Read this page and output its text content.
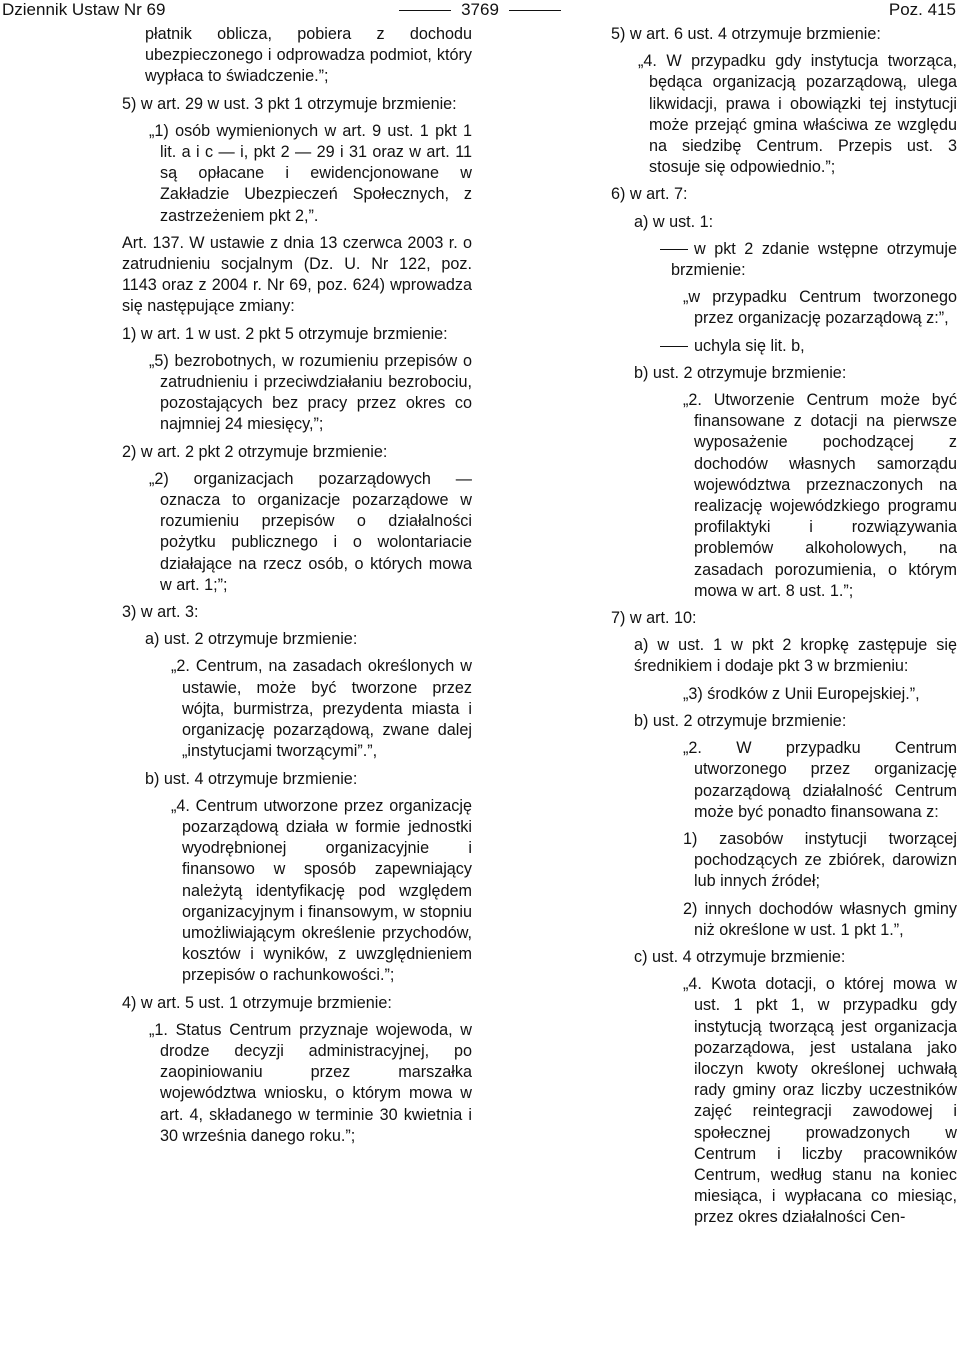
Dziennik Ustaw Nr 69	3769	Poz. 415

płatnik oblicza, pobiera z dochodu ubezpieczonego i odprowadza podmiot, który wypłaca to świadczenie.”;

5) w art. 29 w ust. 3 pkt 1 otrzymuje brzmienie:

„1) osób wymienionych w art. 9 ust. 1 pkt 1 lit. a i c — i, pkt 2 — 29 i 31 oraz w art. 11 są opłacane i ewidencjonowane w Zakładzie Ubezpieczeń Społecznych, z zastrzeżeniem pkt 2,”.

Art. 137. W ustawie z dnia 13 czerwca 2003 r. o zatrudnieniu socjalnym (Dz. U. Nr 122, poz. 1143 oraz z 2004 r. Nr 69, poz. 624) wprowadza się następujące zmiany:

1) w art. 1 w ust. 2 pkt 5 otrzymuje brzmienie:

„5) bezrobotnych, w rozumieniu przepisów o zatrudnieniu i przeciwdziałaniu bezrobociu, pozostających bez pracy przez okres co najmniej 24 miesięcy,”;

2) w art. 2 pkt 2 otrzymuje brzmienie:

„2) organizacjach pozarządowych — oznacza to organizacje pozarządowe w rozumieniu przepisów o działalności pożytku publicznego i o wolontariacie działające na rzecz osób, o których mowa w art. 1;”;

3) w art. 3:

a) ust. 2 otrzymuje brzmienie:

„2. Centrum, na zasadach określonych w ustawie, może być tworzone przez wójta, burmistrza, prezydenta miasta i organizację pozarządową, zwane dalej „instytucjami tworzącymi”.”,

b) ust. 4 otrzymuje brzmienie:

„4. Centrum utworzone przez organizację pozarządową działa w formie jednostki wyodrębnionej organizacyjnie i finansowo w sposób zapewniający należytą identyfikację pod względem organizacyjnym i finansowym, w stopniu umożliwiającym określenie przychodów, kosztów i wyników, z uwzględnieniem przepisów o rachunkowości.”;

4) w art. 5 ust. 1 otrzymuje brzmienie:

„1. Status Centrum przyznaje wojewoda, w drodze decyzji administracyjnej, po zaopiniowaniu przez marszałka województwa wniosku, o którym mowa w art. 4, składanego w terminie 30 kwietnia i 30 września danego roku.”;

5) w art. 6 ust. 4 otrzymuje brzmienie:

„4. W przypadku gdy instytucja tworząca, będąca organizacją pozarządową, ulega likwidacji, prawa i obowiązki tej instytucji może przejąć gmina właściwa ze względu na siedzibę Centrum. Przepis ust. 3 stosuje się odpowiednio.”;

6) w art. 7:

a) w ust. 1:

w pkt 2 zdanie wstępne otrzymuje brzmienie:

„w przypadku Centrum tworzonego przez organizację pozarządową z:”,

uchyla się lit. b,

b) ust. 2 otrzymuje brzmienie:

„2. Utworzenie Centrum może być finansowane z dotacji na pierwsze wyposażenie pochodzącej z dochodów własnych samorządu województwa przeznaczonych na realizację wojewódzkiego programu profilaktyki i rozwiązywania problemów alkoholowych, na zasadach porozumienia, o którym mowa w art. 8 ust. 1.”;

7) w art. 10:

a) w ust. 1 w pkt 2 kropkę zastępuje się średnikiem i dodaje pkt 3 w brzmieniu:

„3) środków z Unii Europejskiej.”,

b) ust. 2 otrzymuje brzmienie:

„2. W przypadku Centrum utworzonego przez organizację pozarządową działalność Centrum może być ponadto finansowana z:

1) zasobów instytucji tworzącej pochodzących ze zbiórek, darowizn lub innych źródeł;

2) innych dochodów własnych gminy niż określone w ust. 1 pkt 1.”,

c) ust. 4 otrzymuje brzmienie:

„4. Kwota dotacji, o której mowa w ust. 1 pkt 1, w przypadku gdy instytucją tworzącą jest organizacja pozarządowa, jest ustalana jako iloczyn kwoty określonej uchwałą rady gminy oraz liczby uczestników zajęć reintegracji zawodowej i społecznej prowadzonych w Centrum i liczby pracowników Centrum, według stanu na koniec miesiąca, i wypłacana co miesiąc, przez okres działalności Cen-
